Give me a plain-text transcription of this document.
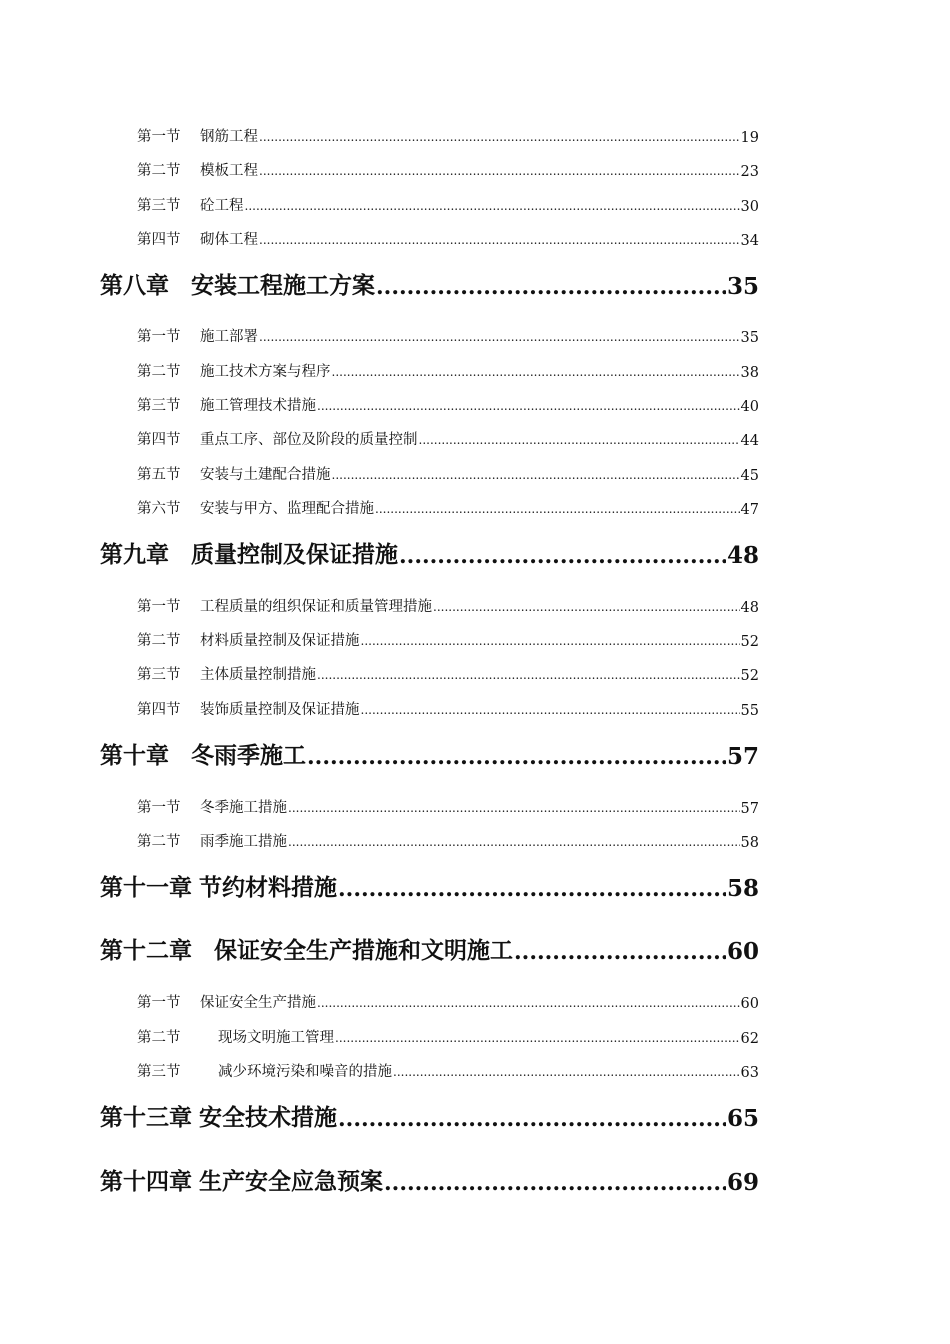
第一节	钢筋工程 .....	19
第二节	模板工程 .....	23
第三节	砼工程 .....	30
第四节	砌体工程 .....	34
第八章 安装工程施工方案 .....	35
第一节	施工部署 .....	35
第二节	施工技术方案与程序 .....	38
第三节	施工管理技术措施 .....	40
第四节	重点工序、部位及阶段的质量控制 .....	44
第五节	安装与土建配合措施 .....	45
第六节	安装与甲方、监理配合措施 .....	47
第九章 质量控制及保证措施 .....	48
第一节	工程质量的组织保证和质量管理措施 .....	48
第二节	材料质量控制及保证措施 .....	52
第三节	主体质量控制措施 .....	52
第四节	装饰质量控制及保证措施 .....	55
第十章 冬雨季施工 .....	57
第一节	冬季施工措施 .....	57
第二节	雨季施工措施 .....	58
第十一章 节约材料措施 .....	58
第十二章 保证安全生产措施和文明施工 .....	60
第一节	保证安全生产措施 .....	60
第二节	现场文明施工管理 .....	62
第三节	减少环境污染和噪音的措施 .....	63
第十三章 安全技术措施 .....	65
第十四章 生产安全应急预案 .....	69
